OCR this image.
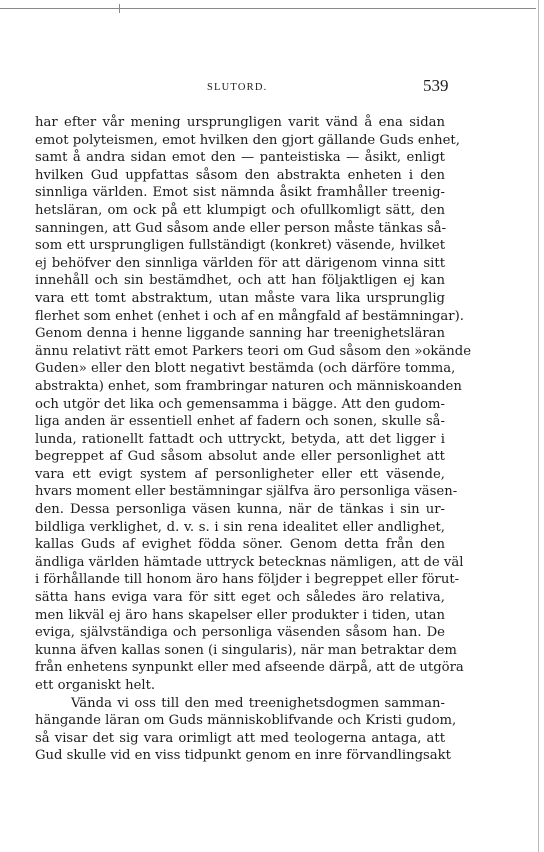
SLUTORD.	539
har efter vår mening ursprungligen varit vänd å ena sidan
emot polyteismen, emot hvilken den gjort gällande Guds enhet,
samt å andra sidan emot den — panteistiska — åsikt, enligt
hvilken Gud uppfattas såsom den abstrakta enheten i den
sinnliga världen. Emot sist nämnda åsikt framhåller treenig-
hetsläran, om ock på ett klumpigt och ofullkomligt sätt, den
sanningen, att Gud såsom ande eller person måste tänkas så-
som ett ursprungligen fullständigt (konkret) väsende, hvilket
ej behöfver den sinnliga världen för att därigenom vinna sitt
innehåll och sin bestämdhet, och att han följaktligen ej kan
vara ett tomt abstraktum, utan måste vara lika ursprunglig
flerhet som enhet (enhet i och af en mångfald af bestämningar).
Genom denna i henne liggande sanning har treenighetsläran
ännu relativt rätt emot Parkers teori om Gud såsom den »okände
Guden» eller den blott negativt bestämda (och därföre tomma,
abstrakta) enhet, som frambringar naturen och människoanden
och utgör det lika och gemensamma i bägge. Att den gudom-
liga anden är essentiell enhet af fadern och sonen, skulle så-
lunda, rationellt fattadt och uttryckt, betyda, att det ligger i
begreppet af Gud såsom absolut ande eller personlighet att
vara ett evigt system af personligheter eller ett väsende,
hvars moment eller bestämningar själfva äro personliga väsen-
den. Dessa personliga väsen kunna, när de tänkas i sin ur-
bildliga verklighet, d. v. s. i sin rena idealitet eller andlighet,
kallas Guds af evighet födda söner. Genom detta från den
ändliga världen hämtade uttryck betecknas nämligen, att de väl
i förhållande till honom äro hans följder i begreppet eller förut-
sätta hans eviga vara för sitt eget och således äro relativa,
men likväl ej äro hans skapelser eller produkter i tiden, utan
eviga, självständiga och personliga väsenden såsom han. De
kunna äfven kallas sonen (i singularis), när man betraktar dem
från enhetens synpunkt eller med afseende därpå, att de utgöra
ett organiskt helt.
Vända vi oss till den med treenighetsdogmen samman-
hängande läran om Guds människoblifvande och Kristi gudom,
så visar det sig vara orimligt att med teologerna antaga, att
Gud skulle vid en viss tidpunkt genom en inre förvandlingsakt
